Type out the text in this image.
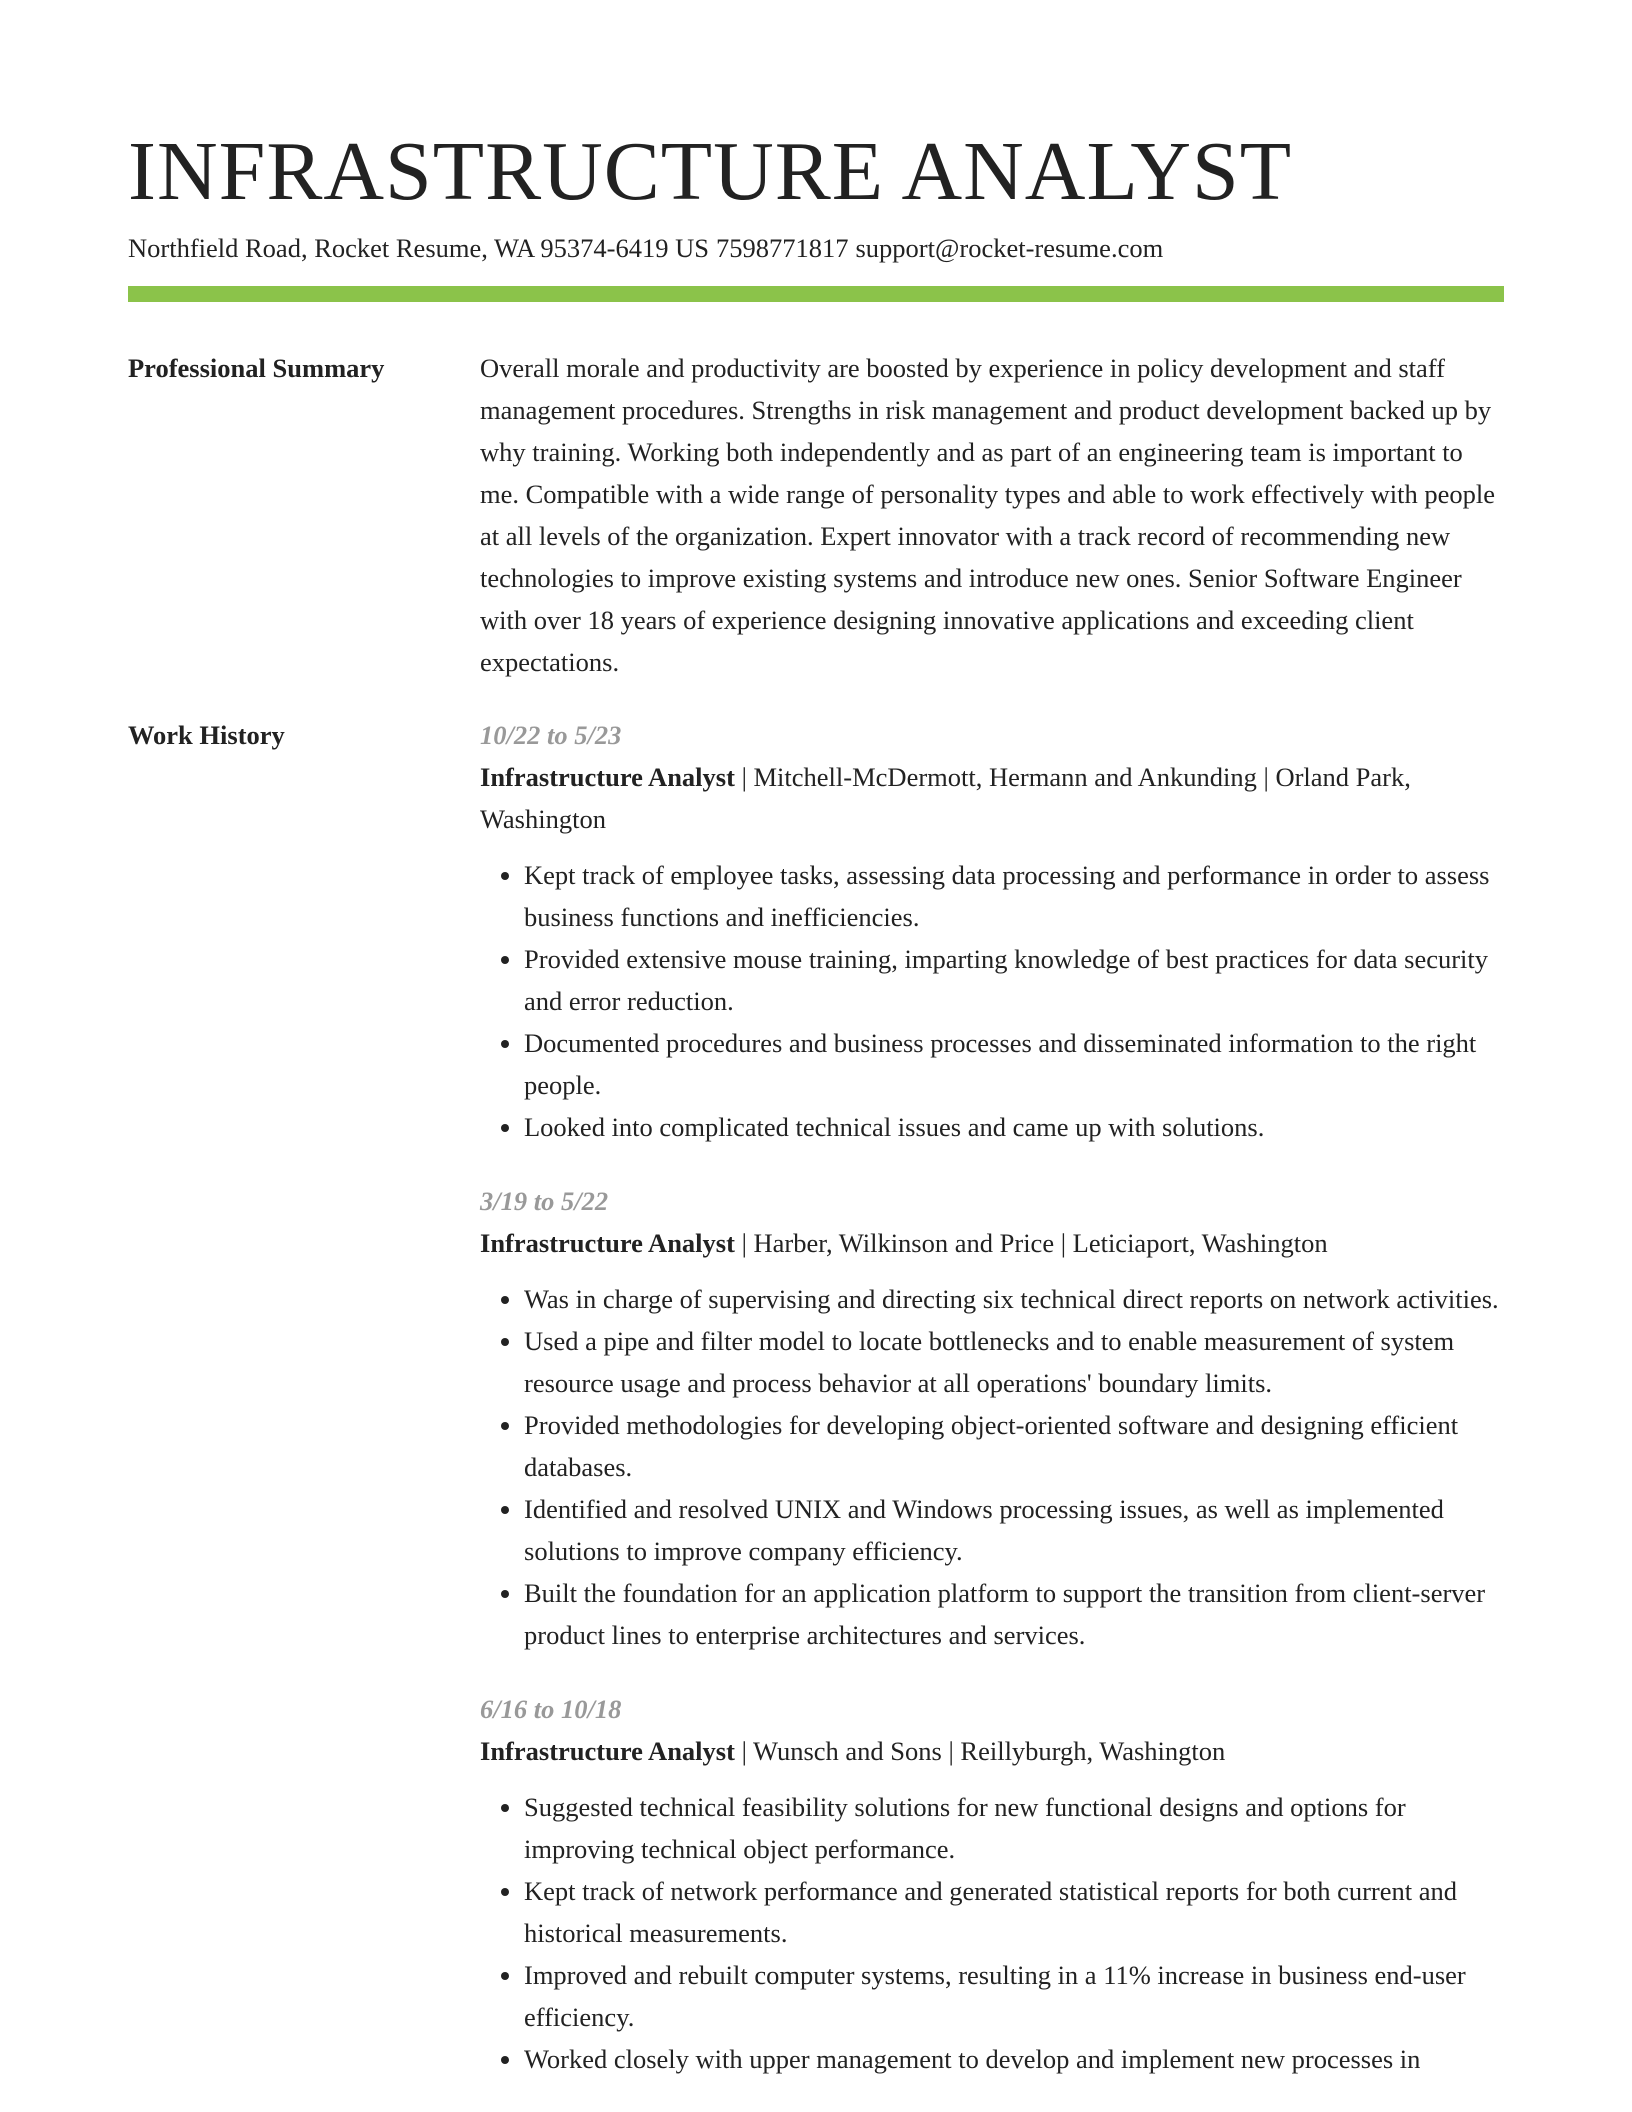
INFRASTRUCTURE ANALYST
Northfield Road, Rocket Resume, WA 95374-6419 US 7598771817 support@rocket-resume.com
Professional Summary	Overall morale and productivity are boosted by experience in policy development and staff management procedures. Strengths in risk management and product development backed up by why training. Working both independently and as part of an engineering team is important to me. Compatible with a wide range of personality types and able to work effectively with people at all levels of the organization. Expert innovator with a track record of recommending new technologies to improve existing systems and introduce new ones. Senior Software Engineer with over 18 years of experience designing innovative applications and exceeding client expectations.

Work History	10/22 to 5/23
Infrastructure Analyst | Mitchell-McDermott, Hermann and Ankunding | Orland Park, Washington
• Kept track of employee tasks, assessing data processing and performance in order to assess business functions and inefficiencies.
• Provided extensive mouse training, imparting knowledge of best practices for data security and error reduction.
• Documented procedures and business processes and disseminated information to the right people.
• Looked into complicated technical issues and came up with solutions.
3/19 to 5/22
Infrastructure Analyst | Harber, Wilkinson and Price | Leticiaport, Washington
• Was in charge of supervising and directing six technical direct reports on network activities.
• Used a pipe and filter model to locate bottlenecks and to enable measurement of system resource usage and process behavior at all operations' boundary limits.
• Provided methodologies for developing object-oriented software and designing efficient databases.
• Identified and resolved UNIX and Windows processing issues, as well as implemented solutions to improve company efficiency.
• Built the foundation for an application platform to support the transition from client-server product lines to enterprise architectures and services.
6/16 to 10/18
Infrastructure Analyst | Wunsch and Sons | Reillyburgh, Washington
• Suggested technical feasibility solutions for new functional designs and options for improving technical object performance.
• Kept track of network performance and generated statistical reports for both current and historical measurements.
• Improved and rebuilt computer systems, resulting in a 11% increase in business end-user efficiency.
• Worked closely with upper management to develop and implement new processes in
